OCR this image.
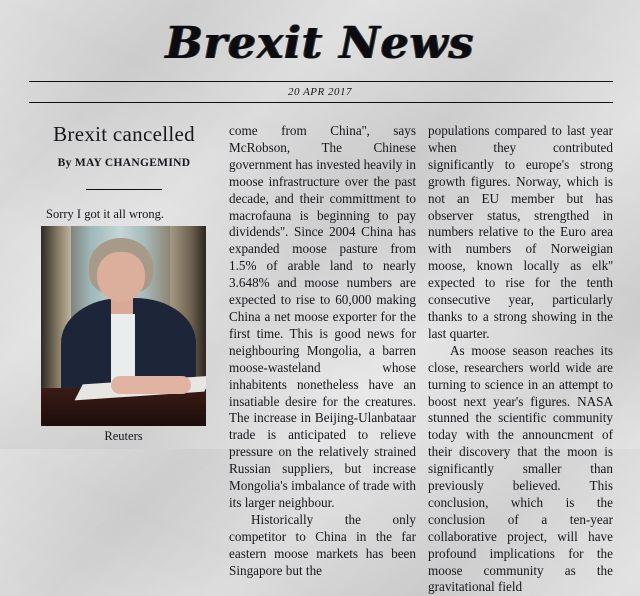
Brexit News
20 APR 2017
Brexit cancelled
By MAY CHANGEMIND
Sorry I got it all wrong.
Reuters

come from China'', says McRobson, The Chinese government has invested heavily in moose infrastructure over the past decade, and their committment to macrofauna is beginning to pay dividends''. Since 2004 China has expanded moose pasture from 1.5% of arable land to nearly 3.648% and moose numbers are expected to rise to 60,000 making China a net moose exporter for the first time. This is good news for neighbouring Mongolia, a barren moose-wasteland whose inhabitents nonetheless have an insatiable desire for the creatures. The increase in Beijing-Ulanbataar trade is anticipated to relieve pressure on the relatively strained Russian suppliers, but increase Mongolia's imbalance of trade with its larger neighbour.

Historically the only competitor to China in the far eastern moose markets has been Singapore but the

populations compared to last year when they contributed significantly to europe's strong growth figures. Norway, which is not an EU member but has observer status, strengthed in numbers relative to the Euro area with numbers of Norweigian moose, known locally as elk'' expected to rise for the tenth consecutive year, particularly thanks to a strong showing in the last quarter.

As moose season reaches its close, researchers world wide are turning to science in an attempt to boost next year's figures. NASA stunned the scientific community today with the announcment of their discovery that the moon is significantly smaller than previously believed. This conclusion, which is the conclusion of a ten-year collaborative project, will have profound implications for the moose community as the gravitational field
